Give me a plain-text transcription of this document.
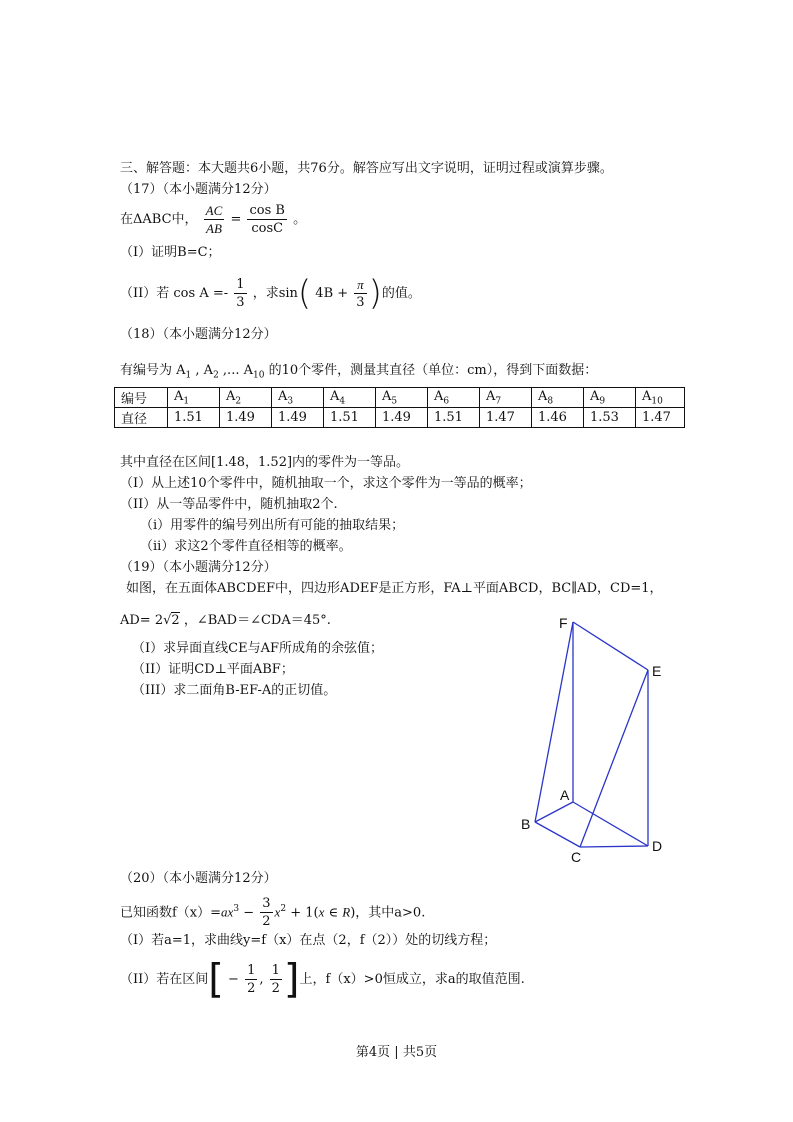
三、解答题：本大题共6小题，共76分。解答应写出文字说明，证明过程或演算步骤。
（17）（本小题满分12分）
在ΔABC中， $\frac{AC}{AB} = \frac{\text{cos B}}{\cos C}$ 。
（I）证明B=C；
（II）若 $\cos A =- \frac{1}{3}$ ，求sin( $4B + \frac{\pi}{3}$ )的值。
（18）（本小题满分12分）
有编号为 $A_1$ , $A_2$ ,... $A_{10}$ 的10个零件，测量其直径（单位：cm），得到下面数据：
编号	$A_1$	$A_2$	$A_3$	$A_4$	$A_5$	$A_6$	$A_7$	$A_8$	$A_9$	$A_{10}$
直径	1.51	1.49	1.49	1.51	1.49	1.51	1.47	1.46	1.53	1.47
其中直径在区间[1.48，1.52]内的零件为一等品。
（I）从上述10个零件中，随机抽取一个，求这个零件为一等品的概率；
（II）从一等品零件中，随机抽取2个.
（i）用零件的编号列出所有可能的抽取结果；
（ii）求这2个零件直径相等的概率。
（19）（本小题满分12分）
如图，在五面体ABCDEF中，四边形ADEF是正方形，FA⊥平面ABCD，BC∥AD，CD=1，
AD= 2√2 ，∠BAD＝∠CDA＝45°.
（I）求异面直线CE与AF所成角的余弦值；
（II）证明CD⊥平面ABF；
（III）求二面角B-EF-A的正切值。
F
E
A
B
C
D
（20）（本小题满分12分）
已知函数$f(x)=ax^3 - \frac{3}{2} x^2 + 1(x$ ∈ R)，其中a>0.
（I）若a=1，求曲线y=f（x）在点（2，f（2））处的切线方程；
（II）若在区间[ − $\frac{1}{2}$ , $\frac{1}{2}$ ]上，f（x）>0恒成立，求a的取值范围.
第4页 | 共5页
